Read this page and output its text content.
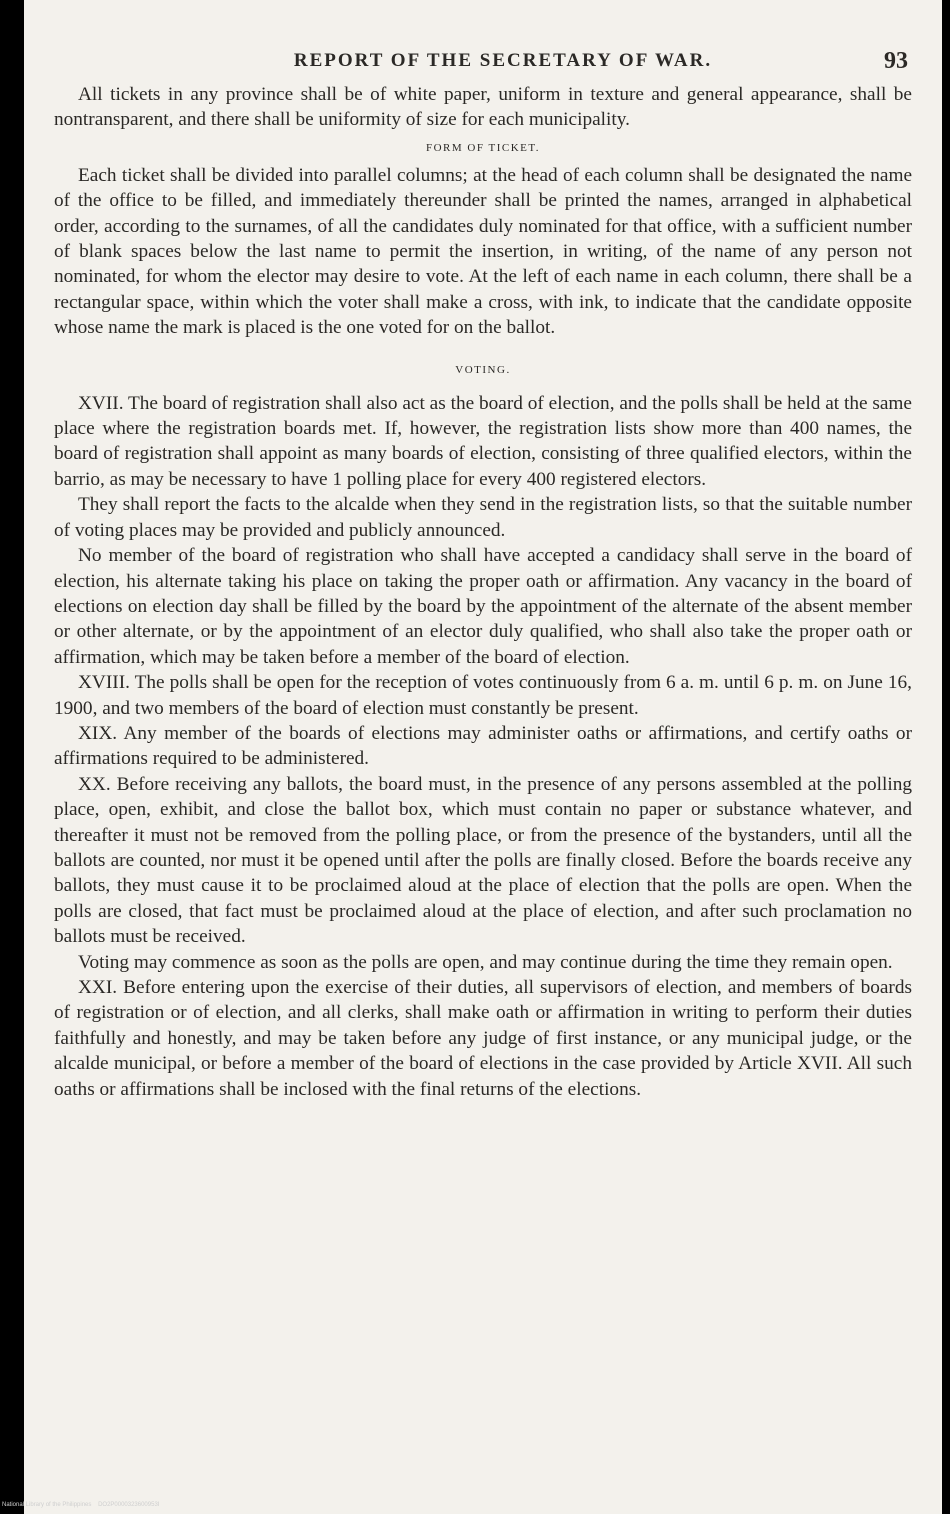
REPORT OF THE SECRETARY OF WAR.	93

All tickets in any province shall be of white paper, uniform in texture and general appearance, shall be nontransparent, and there shall be uniformity of size for each municipality.

FORM OF TICKET.

Each ticket shall be divided into parallel columns; at the head of each column shall be designated the name of the office to be filled, and immediately thereunder shall be printed the names, arranged in alphabetical order, according to the surnames, of all the candidates duly nominated for that office, with a sufficient number of blank spaces below the last name to permit the insertion, in writing, of the name of any person not nominated, for whom the elector may desire to vote. At the left of each name in each column, there shall be a rectangular space, within which the voter shall make a cross, with ink, to indicate that the candidate opposite whose name the mark is placed is the one voted for on the ballot.

VOTING.

XVII. The board of registration shall also act as the board of election, and the polls shall be held at the same place where the registration boards met. If, however, the registration lists show more than 400 names, the board of registration shall appoint as many boards of election, consisting of three qualified electors, within the barrio, as may be necessary to have 1 polling place for every 400 registered electors.

They shall report the facts to the alcalde when they send in the registration lists, so that the suitable number of voting places may be provided and publicly announced.

No member of the board of registration who shall have accepted a candidacy shall serve in the board of election, his alternate taking his place on taking the proper oath or affirmation. Any vacancy in the board of elections on election day shall be filled by the board by the appointment of the alternate of the absent member or other alternate, or by the appointment of an elector duly qualified, who shall also take the proper oath or affirmation, which may be taken before a member of the board of election.

XVIII. The polls shall be open for the reception of votes continuously from 6 a. m. until 6 p. m. on June 16, 1900, and two members of the board of election must constantly be present.

XIX. Any member of the boards of elections may administer oaths or affirmations, and certify oaths or affirmations required to be administered.

XX. Before receiving any ballots, the board must, in the presence of any persons assembled at the polling place, open, exhibit, and close the ballot box, which must contain no paper or substance whatever, and thereafter it must not be removed from the polling place, or from the presence of the bystanders, until all the ballots are counted, nor must it be opened until after the polls are finally closed. Before the boards receive any ballots, they must cause it to be proclaimed aloud at the place of election that the polls are open. When the polls are closed, that fact must be proclaimed aloud at the place of election, and after such proclamation no ballots must be received.

Voting may commence as soon as the polls are open, and may continue during the time they remain open.

XXI. Before entering upon the exercise of their duties, all supervisors of election, and members of boards of registration or of election, and all clerks, shall make oath or affirmation in writing to perform their duties faithfully and honestly, and may be taken before any judge of first instance, or any municipal judge, or the alcalde municipal, or before a member of the board of elections in the case provided by Article XVII. All such oaths or affirmations shall be inclosed with the final returns of the elections.

National Library of the Philippines DO2P0000323600953I
